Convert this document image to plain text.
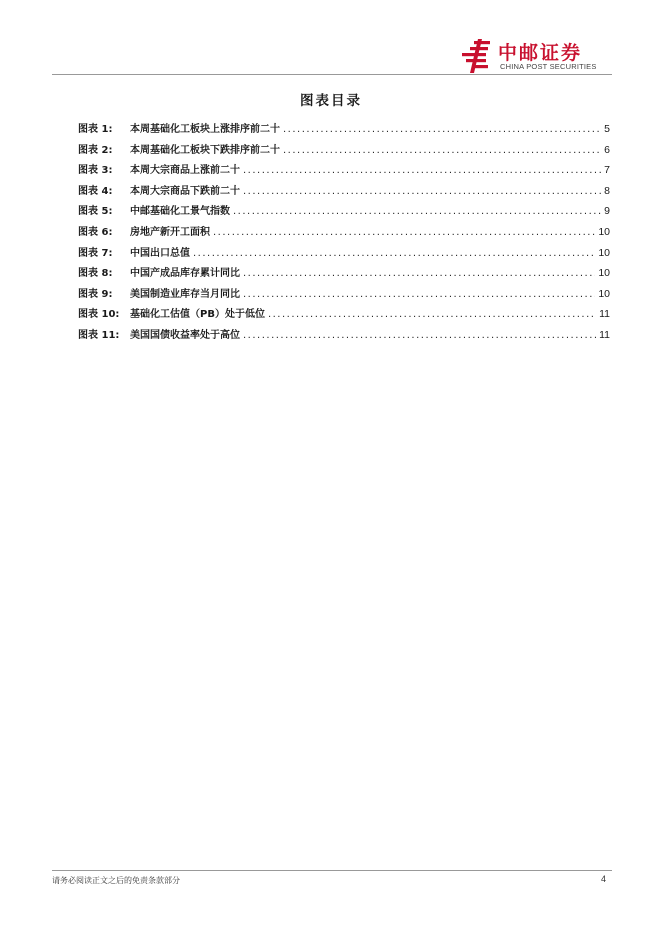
中邮证券
CHINA POST SECURITIES
图表目录
图表 1:	本周基础化工板块上涨排序前二十 .....	5
图表 2:	本周基础化工板块下跌排序前二十 .....	6
图表 3:	本周大宗商品上涨前二十 .....	7
图表 4:	本周大宗商品下跌前二十 .....	8
图表 5:	中邮基础化工景气指数 .....	9
图表 6:	房地产新开工面积 .....	10
图表 7:	中国出口总值 .....	10
图表 8:	中国产成品库存累计同比 .....	10
图表 9:	美国制造业库存当月同比 .....	10
图表 10:	基础化工估值（PB）处于低位 .....	11
图表 11:	美国国债收益率处于高位 .....	11
请务必阅读正文之后的免责条款部分	4
